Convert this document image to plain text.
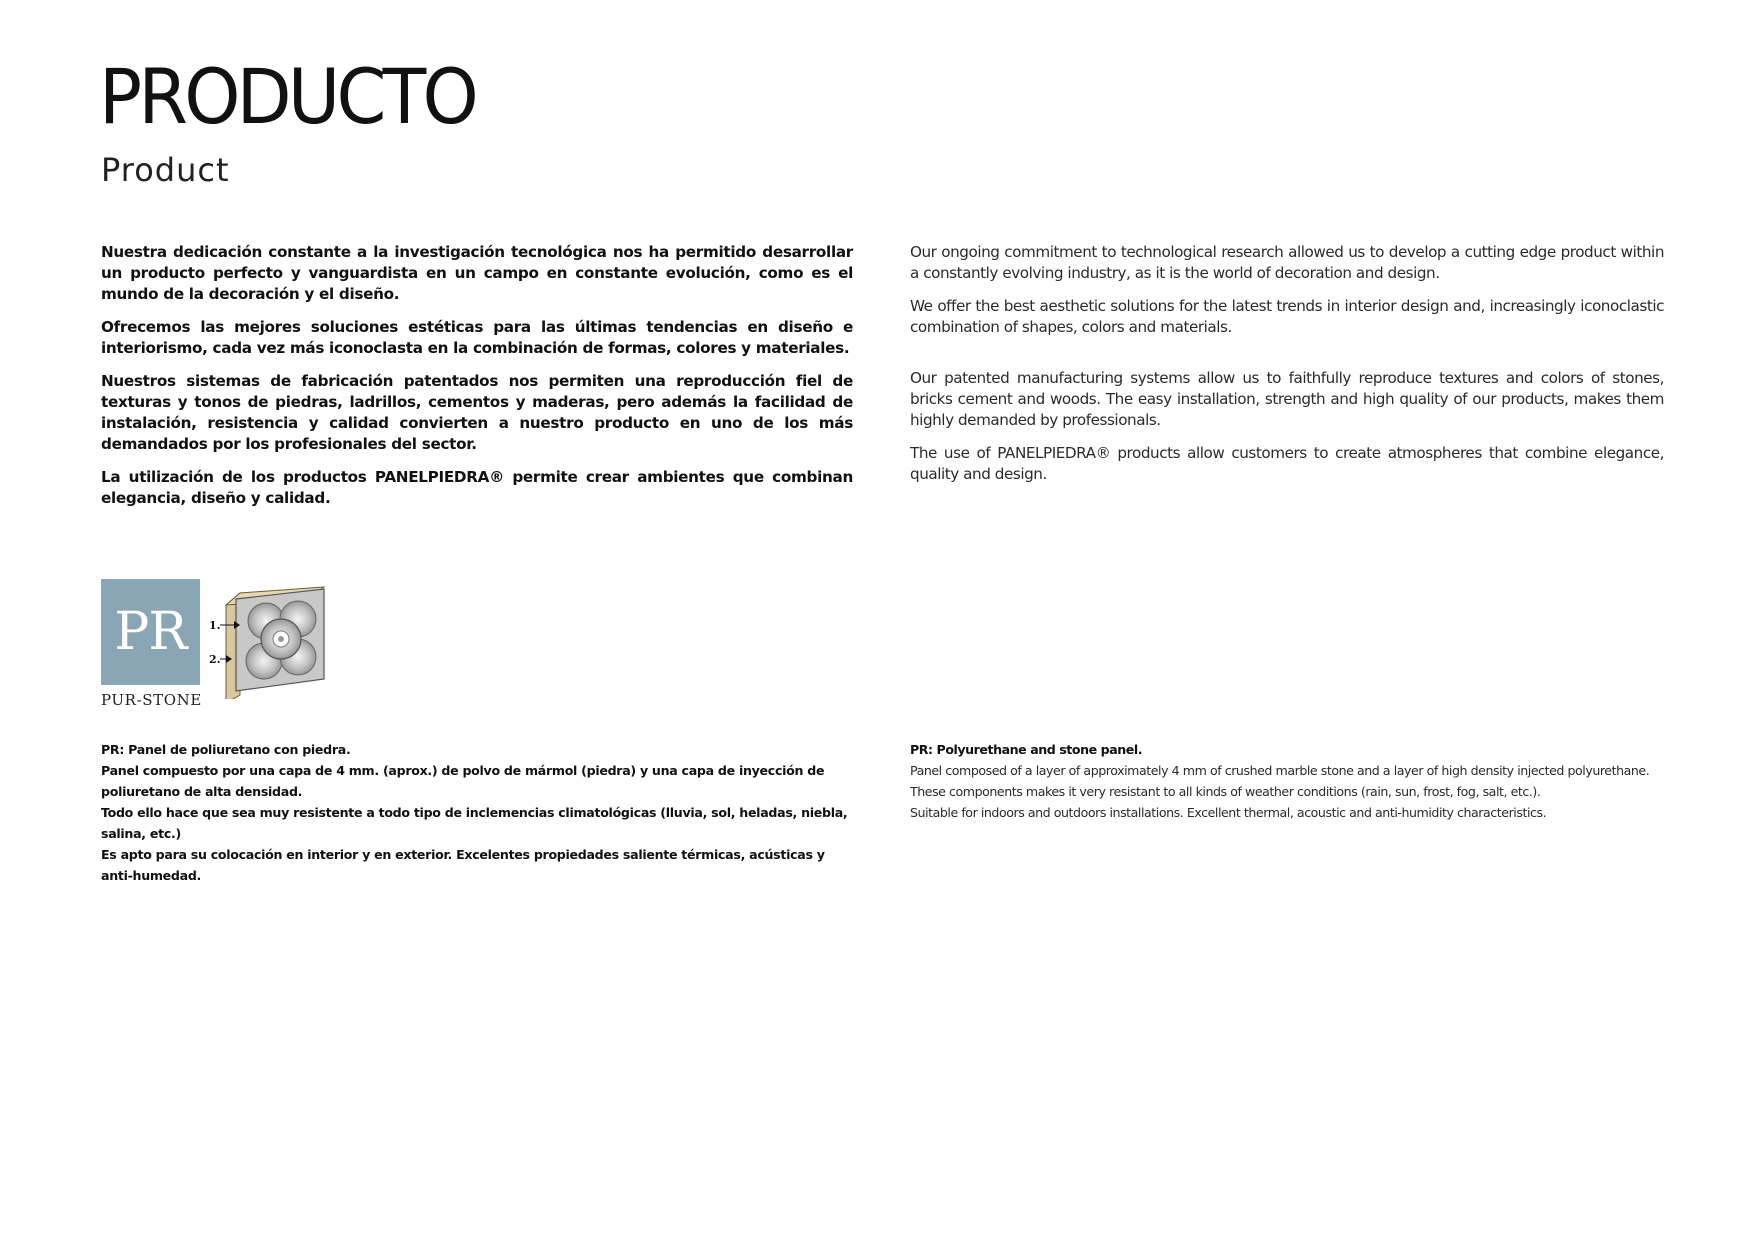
PRODUCTO
Product

Nuestra dedicación constante a la investigación tecnológica nos ha permitido desarrollar un producto perfecto y vanguardista en un campo en constante evolución, como es el mundo de la decoración y el diseño.

Ofrecemos las mejores soluciones estéticas para las últimas tendencias en diseño e interiorismo, cada vez más iconoclasta en la combinación de formas, colores y materiales.

Nuestros sistemas de fabricación patentados nos permiten una reproducción fiel de texturas y tonos de piedras, ladrillos, cementos y maderas, pero además la facilidad de instalación, resistencia y calidad convierten a nuestro producto en uno de los más demandados por los profesionales del sector.

La utilización de los productos PANELPIEDRA® permite crear ambientes que combinan elegancia, diseño y calidad.

Our ongoing commitment to technological research allowed us to develop a cutting edge product within a constantly evolving industry, as it is the world of decoration and design.

We offer the best aesthetic solutions for the latest trends in interior design and, increasingly iconoclastic combination of shapes, colors and materials.

Our patented manufacturing systems allow us to faithfully reproduce textures and colors of stones, bricks cement and woods. The easy installation, strength and high quality of our products, makes them highly demanded by professionals.

The use of PANELPIEDRA® products allow customers to create atmospheres that combine elegance, quality and design.

PR
PUR-STONE
1.
2.

PR: Panel de poliuretano con piedra.

Panel compuesto por una capa de 4 mm. (aprox.) de polvo de mármol (piedra) y una capa de inyección de poliuretano de alta densidad.

Todo ello hace que sea muy resistente a todo tipo de inclemencias climatológicas (lluvia, sol, heladas, niebla, salina, etc.)

Es apto para su colocación en interior y en exterior. Excelentes propiedades saliente térmicas, acústicas y anti-humedad.

PR: Polyurethane and stone panel.

Panel composed of a layer of approximately 4 mm of crushed marble stone and a layer of high density injected polyurethane.

These components makes it very resistant to all kinds of weather conditions (rain, sun, frost, fog, salt, etc.).

Suitable for indoors and outdoors installations. Excellent thermal, acoustic and anti-humidity characteristics.
